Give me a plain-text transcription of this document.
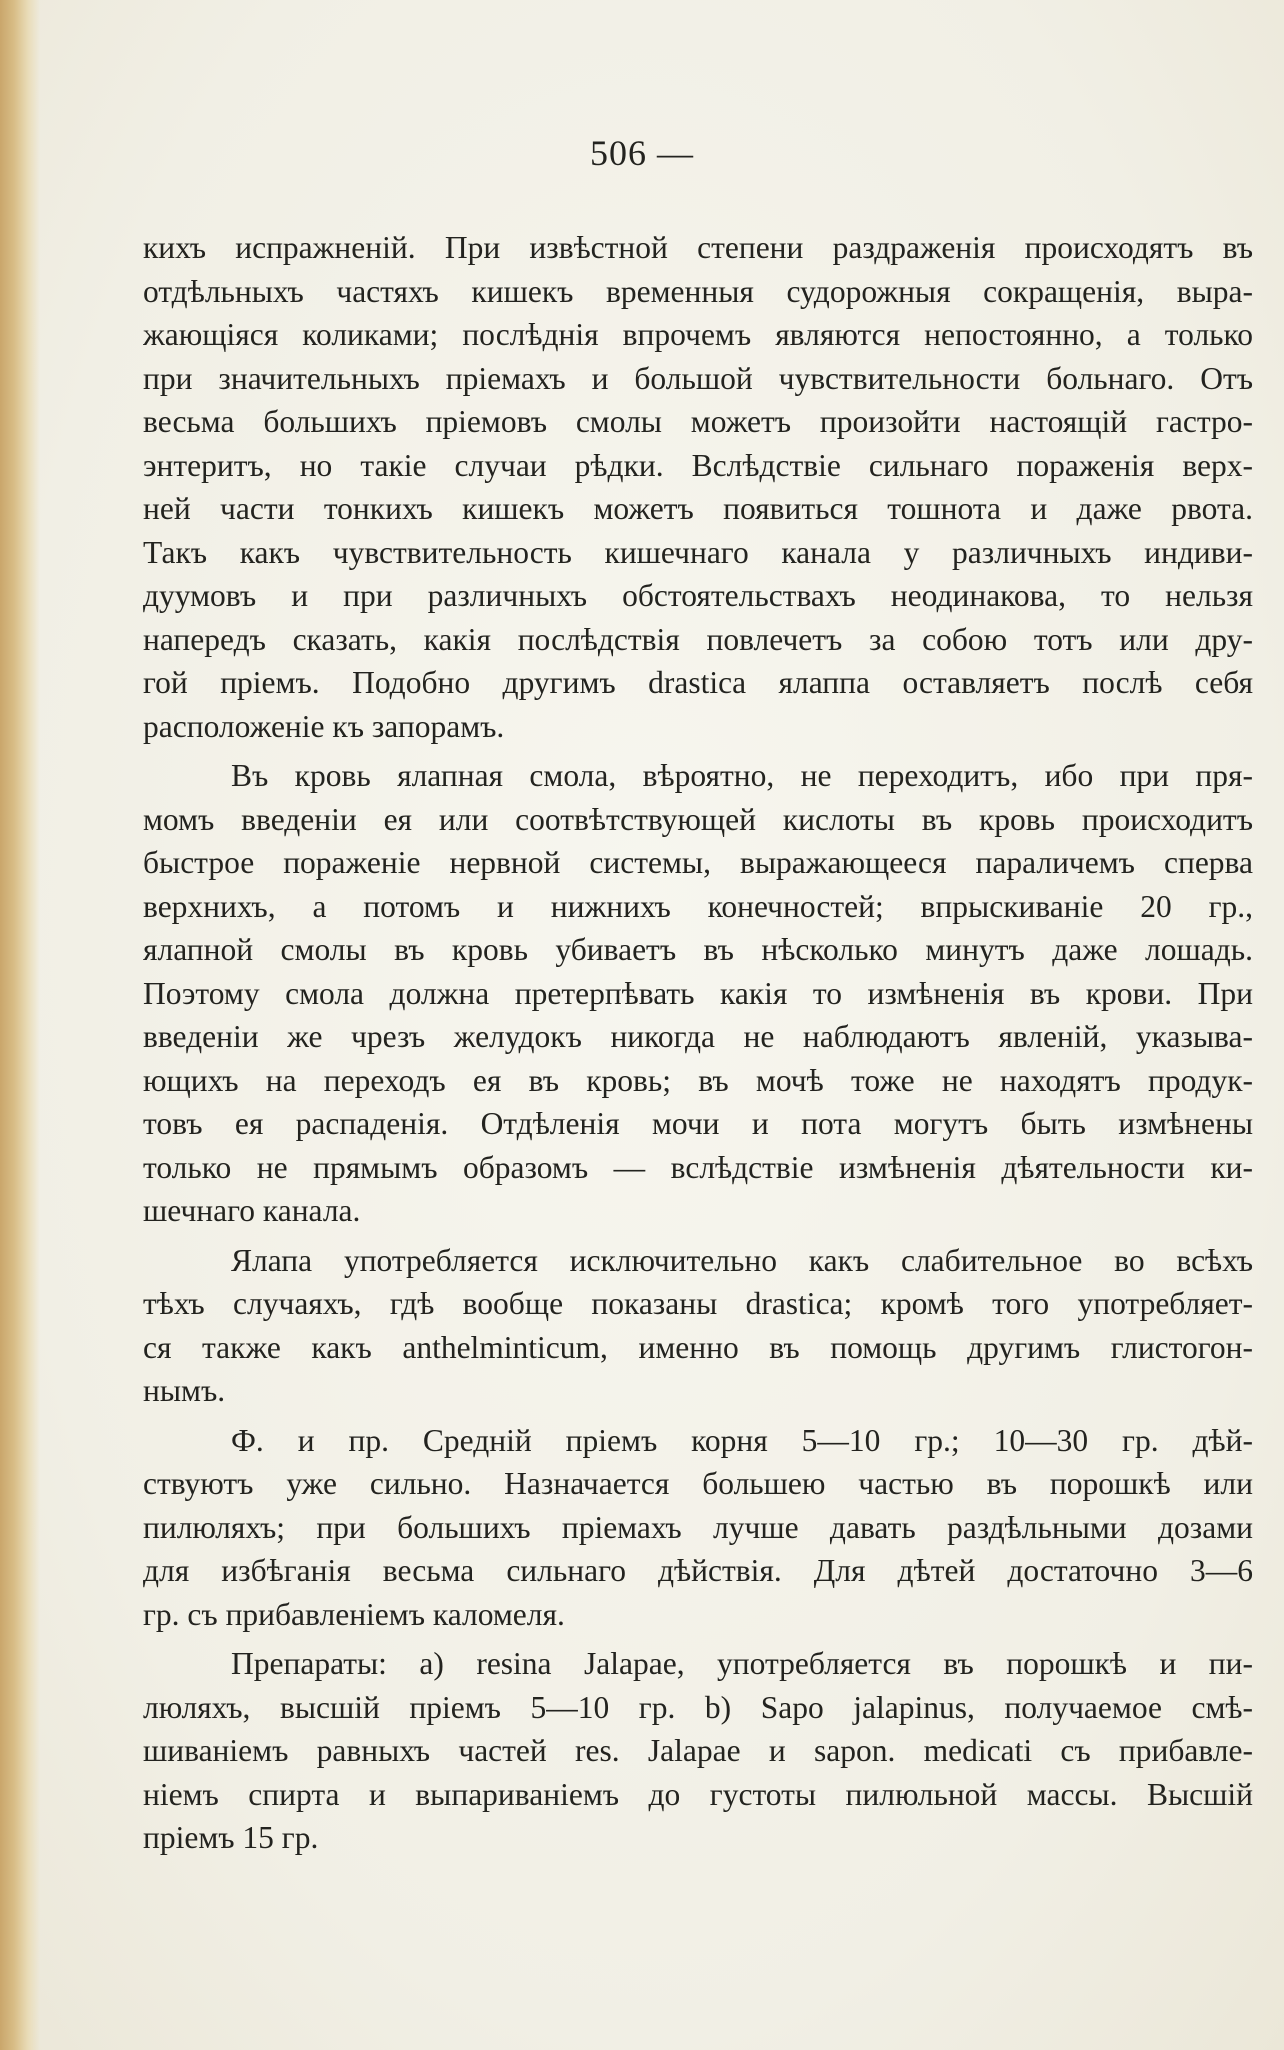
506 —
кихъ испражненій. При извѣстной степени раздраженія происходятъ въ
отдѣльныхъ частяхъ кишекъ временныя судорожныя сокращенія, выра-
жающіяся коликами; послѣднія впрочемъ являются непостоянно, а только
при значительныхъ пріемахъ и большой чувствительности больнаго. Отъ
весьма большихъ пріемовъ смолы можетъ произойти настоящій гастро-
энтеритъ, но такіе случаи рѣдки. Вслѣдствіе сильнаго пораженія верх-
ней части тонкихъ кишекъ можетъ появиться тошнота и даже рвота.
Такъ какъ чувствительность кишечнаго канала у различныхъ индиви-
дуумовъ и при различныхъ обстоятельствахъ неодинакова, то нельзя
напередъ сказать, какія послѣдствія повлечетъ за собою тотъ или дру-
гой пріемъ. Подобно другимъ drastica ялаппа оставляетъ послѣ себя
расположеніе къ запорамъ.
Въ кровь ялапная смола, вѣроятно, не переходитъ, ибо при пря-
момъ введеніи ея или соотвѣтствующей кислоты въ кровь происходитъ
быстрое пораженіе нервной системы, выражающееся параличемъ сперва
верхнихъ, а потомъ и нижнихъ конечностей; впрыскиваніе 20 гр.,
ялапной смолы въ кровь убиваетъ въ нѣсколько минутъ даже лошадь.
Поэтому смола должна претерпѣвать какія то измѣненія въ крови. При
введеніи же чрезъ желудокъ никогда не наблюдаютъ явленій, указыва-
ющихъ на переходъ ея въ кровь; въ мочѣ тоже не находятъ продук-
товъ ея распаденія. Отдѣленія мочи и пота могутъ быть измѣнены
только не прямымъ образомъ — вслѣдствіе измѣненія дѣятельности ки-
шечнаго канала.
Ялапа употребляется исключительно какъ слабительное во всѣхъ
тѣхъ случаяхъ, гдѣ вообще показаны drastica; кромѣ того употребляет-
ся также какъ anthelminticum, именно въ помощь другимъ глистогон-
нымъ.
Ф. и пр. Средній пріемъ корня 5—10 гр.; 10—30 гр. дѣй-
ствуютъ уже сильно. Назначается большею частью въ порошкѣ или
пилюляхъ; при большихъ пріемахъ лучше давать раздѣльными дозами
для избѣганія весьма сильнаго дѣйствія. Для дѣтей достаточно 3—6
гр. съ прибавленіемъ каломеля.
Препараты: a) resina Jalapae, употребляется въ порошкѣ и пи-
люляхъ, высшій пріемъ 5—10 гр. b) Sapo jalapinus, получаемое смѣ-
шиваніемъ равныхъ частей res. Jalapae и sapon. medicati съ прибавле-
ніемъ спирта и выпариваніемъ до густоты пилюльной массы. Высшій
пріемъ 15 гр.
